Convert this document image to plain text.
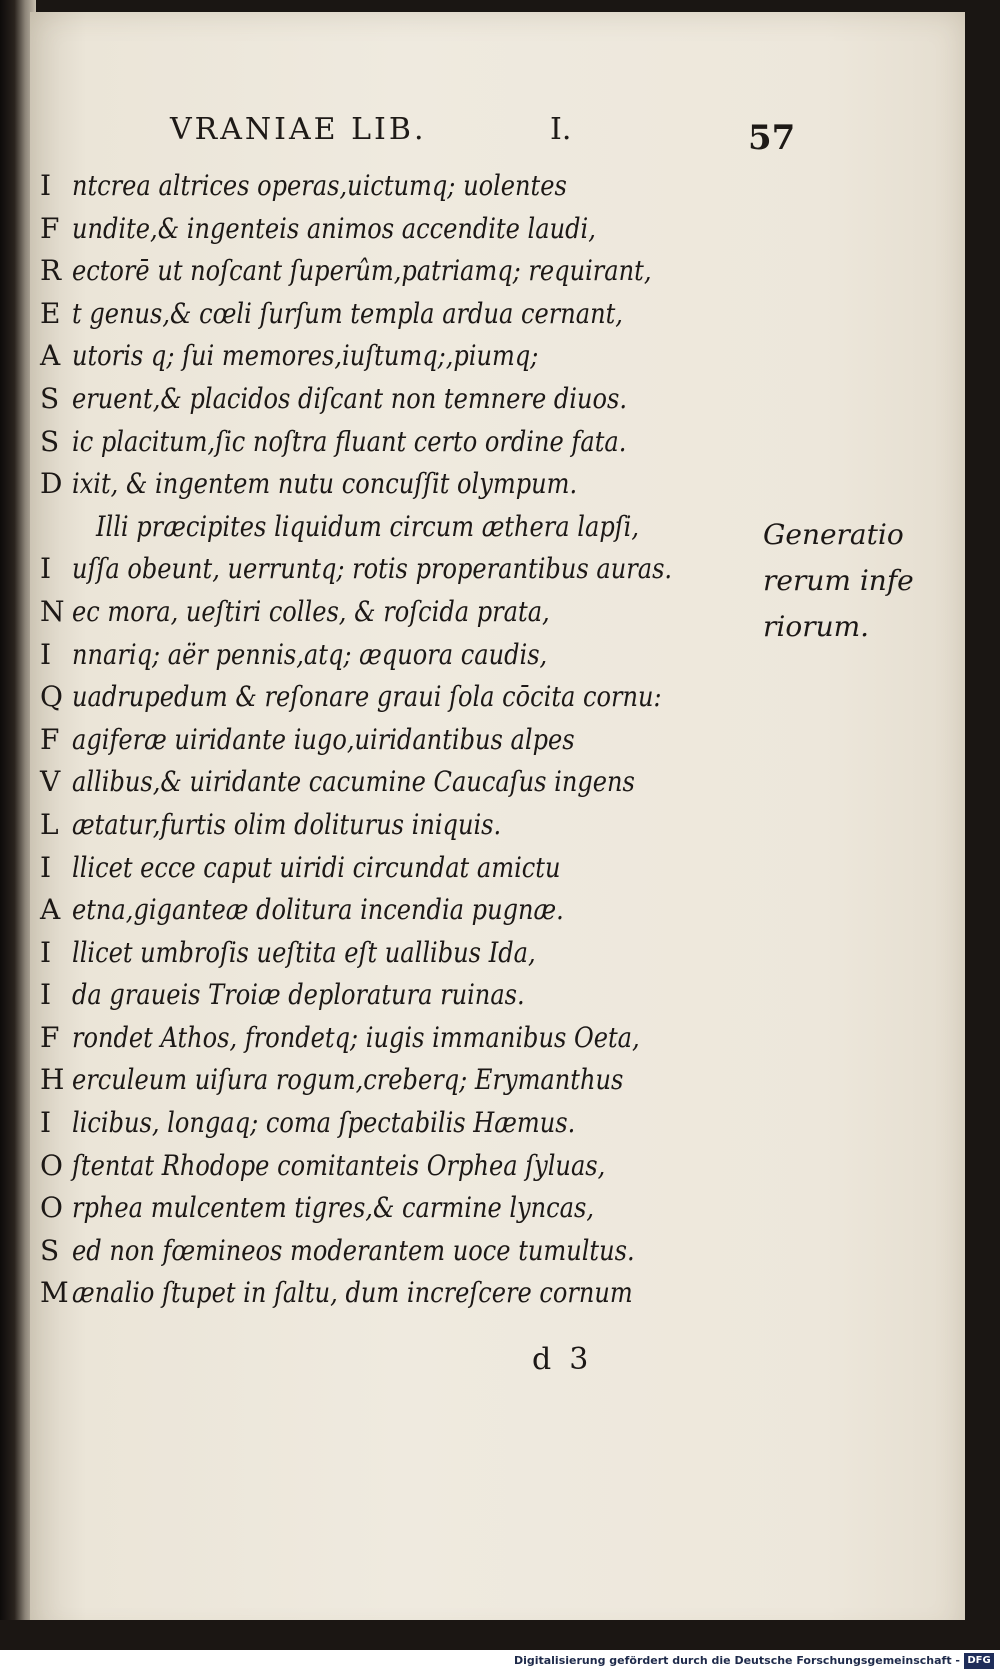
VRANIAE LIB.	I.	57
I ntcrea altrices operas,uictumq; uolentes
F undite,& ingenteis animos accendite laudi,
R ectorē ut noſcant ſuperûm,patriamq; requirant,
E t genus,& cœli ſurſum templa ardua cernant,
A utoris q; ſui memores,iuſtumq;,piumq;
S eruent,& placidos diſcant non temnere diuos.
S ic placitum,ſic noſtra fluant certo ordine fata.
D ixit, & ingentem nutu concuſſit olympum.
Illi præcipites liquidum circum æthera lapſi,
I uſſa obeunt, uerruntq; rotis properantibus auras.
N ec mora, ueſtiri colles, & roſcida prata,
I nnariq; aër pennis,atq; æquora caudis,
Q uadrupedum & reſonare graui ſola cōcita cornu:
F agiferæ uiridante iugo,uiridantibus alpes
V allibus,& uiridante cacumine Caucaſus ingens
L ætatur,furtis olim doliturus iniquis.
I llicet ecce caput uiridi circundat amictu
A etna,giganteæ dolitura incendia pugnæ.
I llicet umbroſis ueſtita eſt uallibus Ida,
I da graueis Troiæ deploratura ruinas.
F rondet Athos, frondetq; iugis immanibus Oeta,
H erculeum uiſura rogum,creberq; Erymanthus
I licibus, longaq; coma ſpectabilis Hæmus.
O ſtentat Rhodope comitanteis Orphea ſyluas,
O rphea mulcentem tigres,& carmine lyncas,
S ed non fœmineos moderantem uoce tumultus.
M ænalio ſtupet in ſaltu, dum increſcere cornum
Generatio
rerum infe
riorum.
d3
Digitalisierung gefördert durch die Deutsche Forschungsgemeinschaft - DFG
